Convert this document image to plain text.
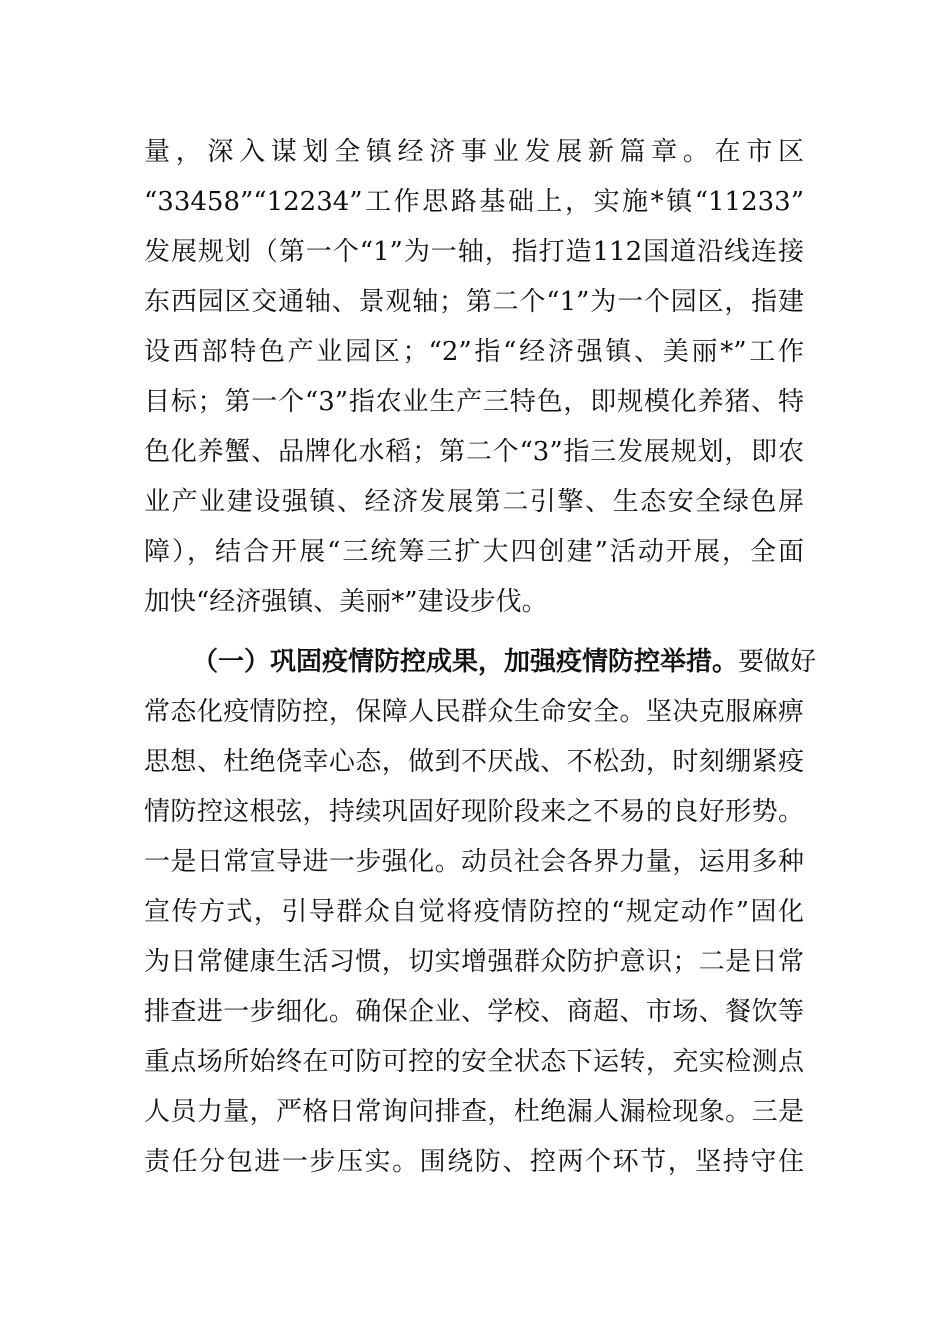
量，深入谋划全镇经济事业发展新篇章。在市区
“33458”“12234”工作思路基础上，实施*镇“11233”
发展规划（第一个“1”为一轴，指打造112国道沿线连接
东西园区交通轴、景观轴；第二个“1”为一个园区，指建
设西部特色产业园区；“2”指“经济强镇、美丽*”工作
目标；第一个“3”指农业生产三特色，即规模化养猪、特
色化养蟹、品牌化水稻；第二个“3”指三发展规划，即农
业产业建设强镇、经济发展第二引擎、生态安全绿色屏
障），结合开展“三统筹三扩大四创建”活动开展，全面
加快“经济强镇、美丽*”建设步伐。
（一）巩固疫情防控成果，加强疫情防控举措。要做好
常态化疫情防控，保障人民群众生命安全。坚决克服麻痹
思想、杜绝侥幸心态，做到不厌战、不松劲，时刻绷紧疫
情防控这根弦，持续巩固好现阶段来之不易的良好形势。
一是日常宣导进一步强化。动员社会各界力量，运用多种
宣传方式，引导群众自觉将疫情防控的“规定动作”固化
为日常健康生活习惯，切实增强群众防护意识；二是日常
排查进一步细化。确保企业、学校、商超、市场、餐饮等
重点场所始终在可防可控的安全状态下运转，充实检测点
人员力量，严格日常询问排查，杜绝漏人漏检现象。三是
责任分包进一步压实。围绕防、控两个环节，坚持守住
